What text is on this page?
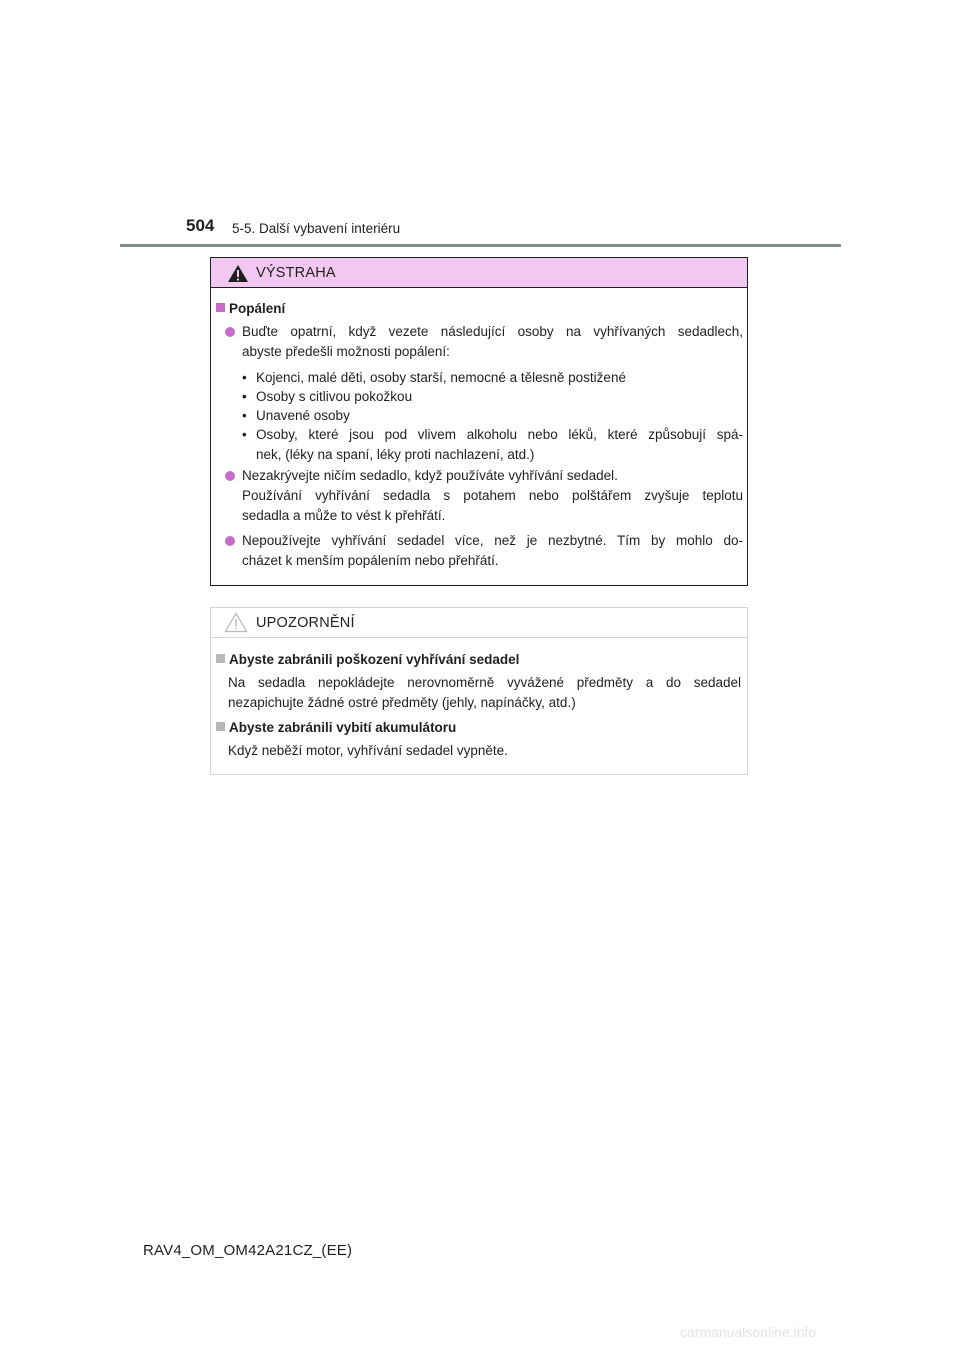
504 5-5. Další vybavení interiéru
VÝSTRAHA
Popálení
Buďte opatrní, když vezete následující osoby na vyhřívaných sedadlech,
abyste předešli možnosti popálení:
• Kojenci, malé děti, osoby starší, nemocné a tělesně postižené
• Osoby s citlivou pokožkou
• Unavené osoby
• Osoby, které jsou pod vlivem alkoholu nebo léků, které způsobují spá-
nek, (léky na spaní, léky proti nachlazení, atd.)
Nezakrývejte ničím sedadlo, když používáte vyhřívání sedadel.
Používání vyhřívání sedadla s potahem nebo polštářem zvyšuje teplotu
sedadla a může to vést k přehřátí.
Nepoužívejte vyhřívání sedadel více, než je nezbytné. Tím by mohlo do-
cházet k menším popálením nebo přehřátí.
UPOZORNĚNÍ
Abyste zabránili poškození vyhřívání sedadel
Na sedadla nepokládejte nerovnoměrně vyvážené předměty a do sedadel
nezapichujte žádné ostré předměty (jehly, napínáčky, atd.)
Abyste zabránili vybití akumulátoru
Když neběží motor, vyhřívání sedadel vypněte.
RAV4_OM_OM42A21CZ_(EE)
carmanualsonline.info
